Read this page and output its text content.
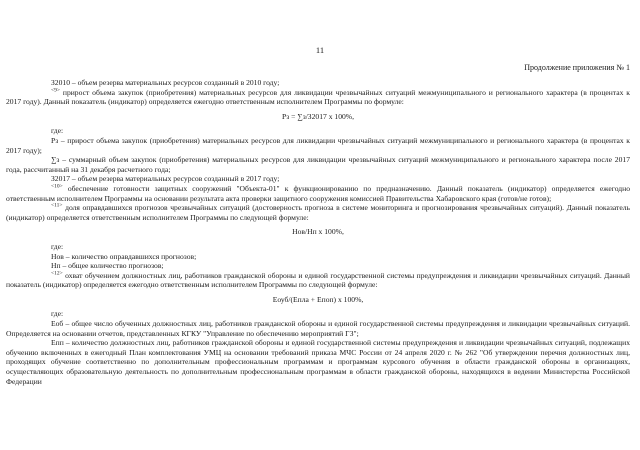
11
Продолжение приложения № 1

З2010 – объем резерва материальных ресурсов созданный в 2010 году;

$^{<9>}$ прирост объема закупок (приобретения) материальных ресурсов для ликвидации чрезвычайных ситуаций межмуниципального и регионального характера (в процентах к 2017 году). Данный показатель (индикатор) определяется ежегодно ответственным исполнителем Программы по формуле:

Рз = ∑з/З2017 х 100%,

где:

Рз – прирост объема закупок (приобретения) материальных ресурсов для ликвидации чрезвычайных ситуаций межмуниципального и регионального характера (в процентах к 2017 году);

∑з – суммарный объем закупок (приобретения) материальных ресурсов для ликвидации чрезвычайных ситуаций межмуниципального и регионального характера после 2017 года, рассчитанный на 31 декабря расчетного года;

З2017 – объем резерва материальных ресурсов созданный в 2017 году;

$^{<10>}$ обеспечение готовности защитных сооружений "Объекта-01" к функционированию по предназначению. Данный показатель (индикатор) определяется ежегодно ответственным исполнителем Программы на основании результата акта проверки защитного сооружения комиссией Правительства Хабаровского края (готов/не готов);

$^{<11>}$ доля оправдавшихся прогнозов чрезвычайных ситуаций (достоверность прогноза в системе мониторинга и прогнозирования чрезвычайных ситуаций). Данный показатель (индикатор) определяется ответственным исполнителем Программы по следующей формуле:

Нов/Нп х 100%,

где:

Нов – количество оправдавшихся прогнозов;

Нп – общее количество прогнозов;

$^{<12>}$ охват обучением должностных лиц, работников гражданской обороны и единой государственной системы предупреждения и ликвидации чрезвычайных ситуаций. Данный показатель (индикатор) определяется ежегодно ответственным исполнителем Программы по следующей формуле:

Еоуб/(Епла + Епоп) х 100%,

где:

Еоб – общее число обученных должностных лиц, работников гражданской обороны и единой государственной системы предупреждения и ликвидации чрезвычайных ситуаций. Определяется на основании отчетов, представленных КГКУ "Управление по обеспечению мероприятий ГЗ";

Епп – количество должностных лиц, работников гражданской обороны и единой государственной системы предупреждения и ликвидации чрезвычайных ситуаций, подлежащих обучению включенных в ежегодный План комплектования УМЦ на основании требований приказа МЧС России от 24 апреля 2020 г. № 262 "Об утверждении перечня должностных лиц, проходящих обучение соответственно по дополнительным профессиональным программам и программам курсового обучения в области гражданской обороны в организациях, осуществляющих образовательную деятельность по дополнительным профессиональным программам в области гражданской обороны, находящихся в ведении Министерства Российской Федерации
